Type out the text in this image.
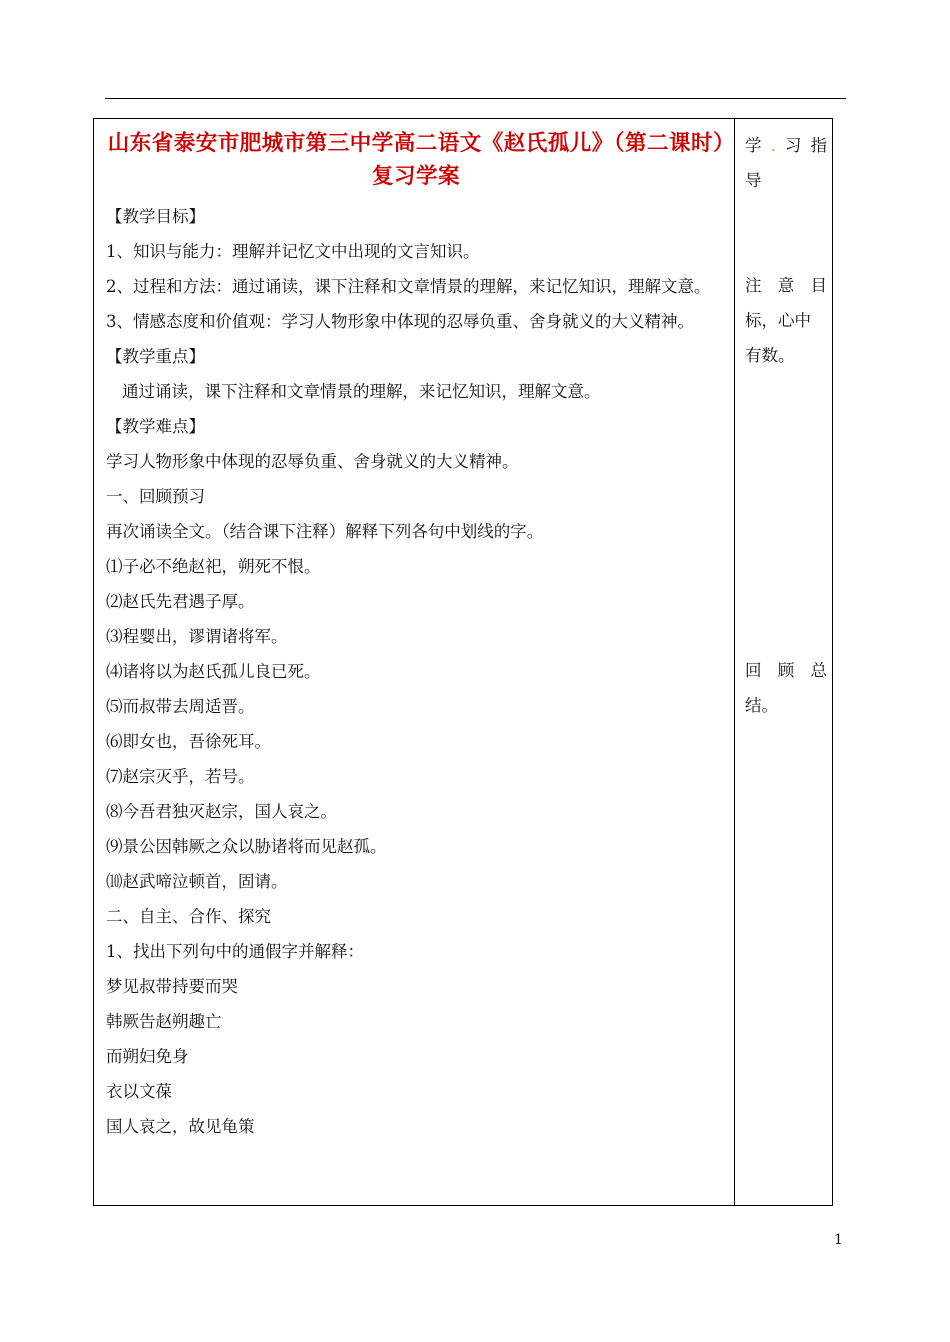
山东省泰安市肥城市第三中学高二语文《赵氏孤儿》（第二课时）复习学案
【教学目标】
1、知识与能力：理解并记忆文中出现的文言知识。
2、过程和方法：通过诵读，课下注释和文章情景的理解，来记忆知识，理解文意。
3、情感态度和价值观：学习人物形象中体现的忍辱负重、舍身就义的大义精神。
【教学重点】
通过诵读，课下注释和文章情景的理解，来记忆知识，理解文意。
【教学难点】
学习人物形象中体现的忍辱负重、舍身就义的大义精神。
一、回顾预习
再次诵读全文。（结合课下注释）解释下列各句中划线的字。
⑴子必不绝赵祀，朔死不恨。
⑵赵氏先君遇子厚。
⑶程婴出，谬谓诸将军。
⑷诸将以为赵氏孤儿良已死。
⑸而叔带去周适晋。
⑹即女也，吾徐死耳。
⑺赵宗灭乎，若号。
⑻今吾君独灭赵宗，国人哀之。
⑼景公因韩厥之众以胁诸将而见赵孤。
⑽赵武啼泣顿首，固请。
二、自主、合作、探究
1、找出下列句中的通假字并解释：
梦见叔带持要而哭
韩厥告赵朔趣亡
而朔妇免身
衣以文葆
国人哀之，故见龟策
学 . 习 指
导
注 意 目
标，心中
有数。
回 顾 总
结。
1
